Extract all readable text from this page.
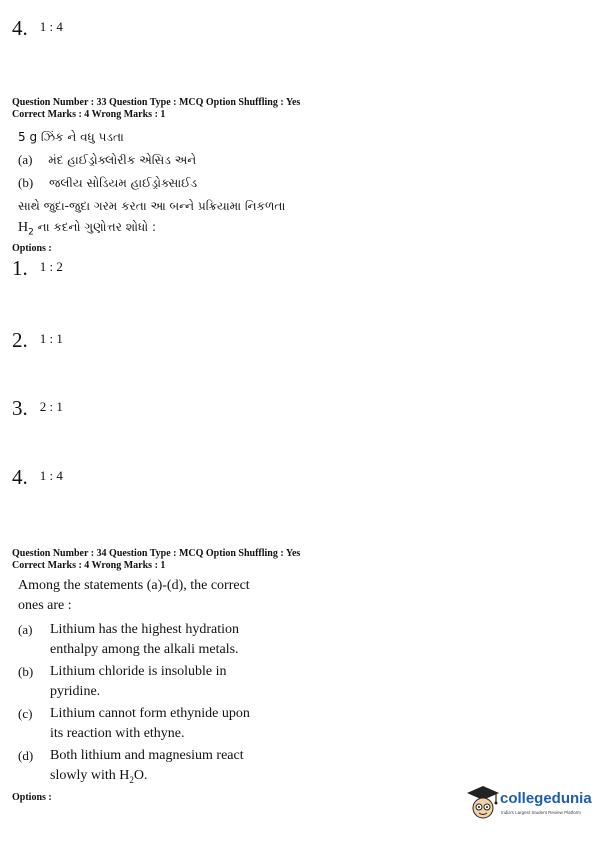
4. $^{1 : 4}$
Question Number : 33 Question Type : MCQ Option Shuffling : Yes
Correct Marks : 4 Wrong Marks : 1
5 g ઝિંક ને વધુ પડતા
(a) મંદ હાઈડ્રોક્લોરીક એસિડ અને
(b) જલીય સોડિયમ હાઈડ્રોક્સાઈડ
સાથે જુદા-જુદા ગરમ કરતા આ બન્ને પ્રક્રિયામા નિકળતા
$H_2$ ના કદનો ગુણોત્તર શોધો :
Options :
1. $^{1 : 2}$
2. $^{1 : 1}$
3. $^{2 : 1}$
4. $^{1 : 4}$
Question Number : 34 Question Type : MCQ Option Shuffling : Yes
Correct Marks : 4 Wrong Marks : 1
Among the statements (a)-(d), the correct
ones are :
(a) Lithium has the highest hydration
enthalpy among the alkali metals.
(b) Lithium chloride is insoluble in
pyridine.
(c) Lithium cannot form ethynide upon
its reaction with ethyne.
(d) Both lithium and magnesium react
slowly with $H_2O$.
Options :	collegedunia
India's Largest Student Review Platform
